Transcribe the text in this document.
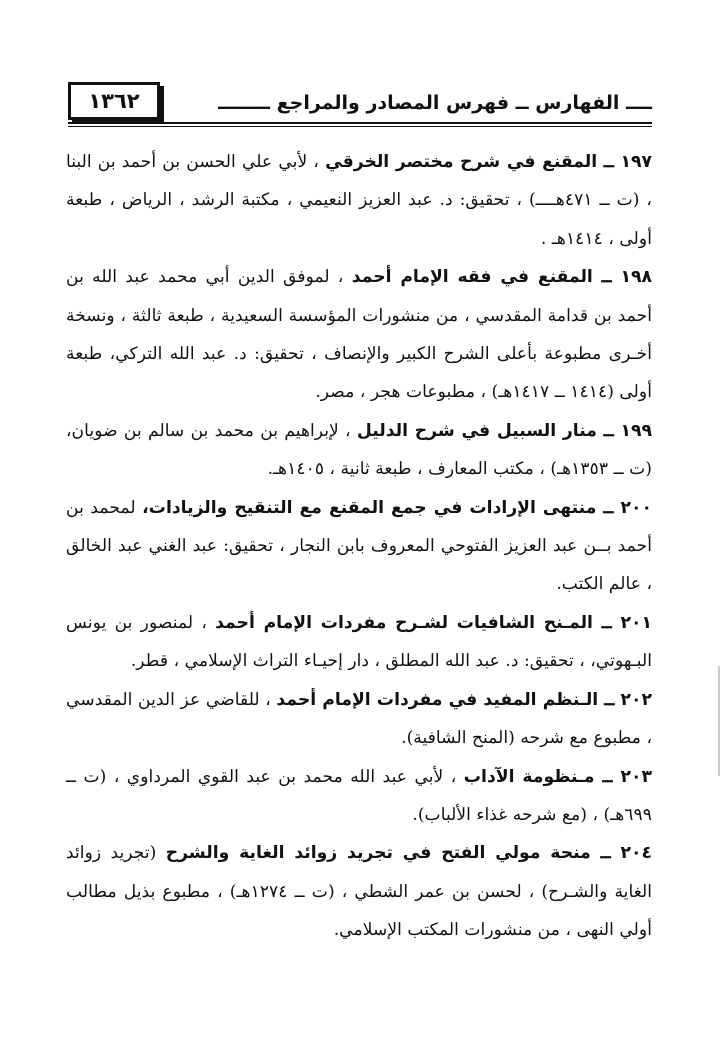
١٣٦٢	ــــ الفهارس ــ فهرس المصادر والمراجع ــــــــ

١٩٧ ــ المقنع في شرح مختصر الخرقي ، لأبي علي الحسن بن أحمد بن البنا ، (ت ــ ٤٧١هــــ) ، تحقيق: د. عبد العزيز النعيمي ، مكتبة الرشد ، الرياض ، طبعة أولى ، ١٤١٤هـ .

١٩٨ ــ المقنع في فقه الإمام أحمد ، لموفق الدين أبي محمد عبد الله بن أحمد بن قدامة المقدسي ، من منشورات المؤسسة السعيدية ، طبعة ثالثة ، ونسخة أخـرى مطبوعة بأعلى الشرح الكبير والإنصاف ، تحقيق: د. عبد الله التركي، طبعة أولى (١٤١٤ ــ ١٤١٧هـ) ، مطبوعات هجر ، مصر.

١٩٩ ــ منار السبيل في شرح الدليل ، لإبراهيم بن محمد بن سالم بن ضويان، (ت ــ ١٣٥٣هـ) ، مكتب المعارف ، طبعة ثانية ، ١٤٠٥هـ.

٢٠٠ ــ منتهى الإرادات في جمع المقنع مع التنقيح والزيادات، لمحمد بن أحمد بــن عبد العزيز الفتوحي المعروف بابن النجار ، تحقيق: عبد الغني عبد الخالق ، عالم الكتب.

٢٠١ ــ المـنح الشافيات لشـرح مفردات الإمام أحمد ، لمنصور بن يونس البـهوتي، ، تحقيق: د. عبد الله المطلق ، دار إحيـاء التراث الإسلامي ، قطر.

٢٠٢ ــ الـنظم المفيد في مفردات الإمام أحمد ، للقاضي عز الدين المقدسي ، مطبوع مع شرحه (المنح الشافية).

٢٠٣ ــ مـنظومة الآداب ، لأبي عبد الله محمد بن عبد القوي المرداوي ، (ت ــ ٦٩٩هـ) ، (مع شرحه غذاء الألباب).

٢٠٤ ــ منحة مولي الفتح في تجريد زوائد الغاية والشرح (تجريد زوائد الغاية والشـرح) ، لحسن بن عمر الشطي ، (ت ــ ١٢٧٤هـ) ، مطبوع بذيل مطالب أولي النهى ، من منشورات المكتب الإسلامي.
